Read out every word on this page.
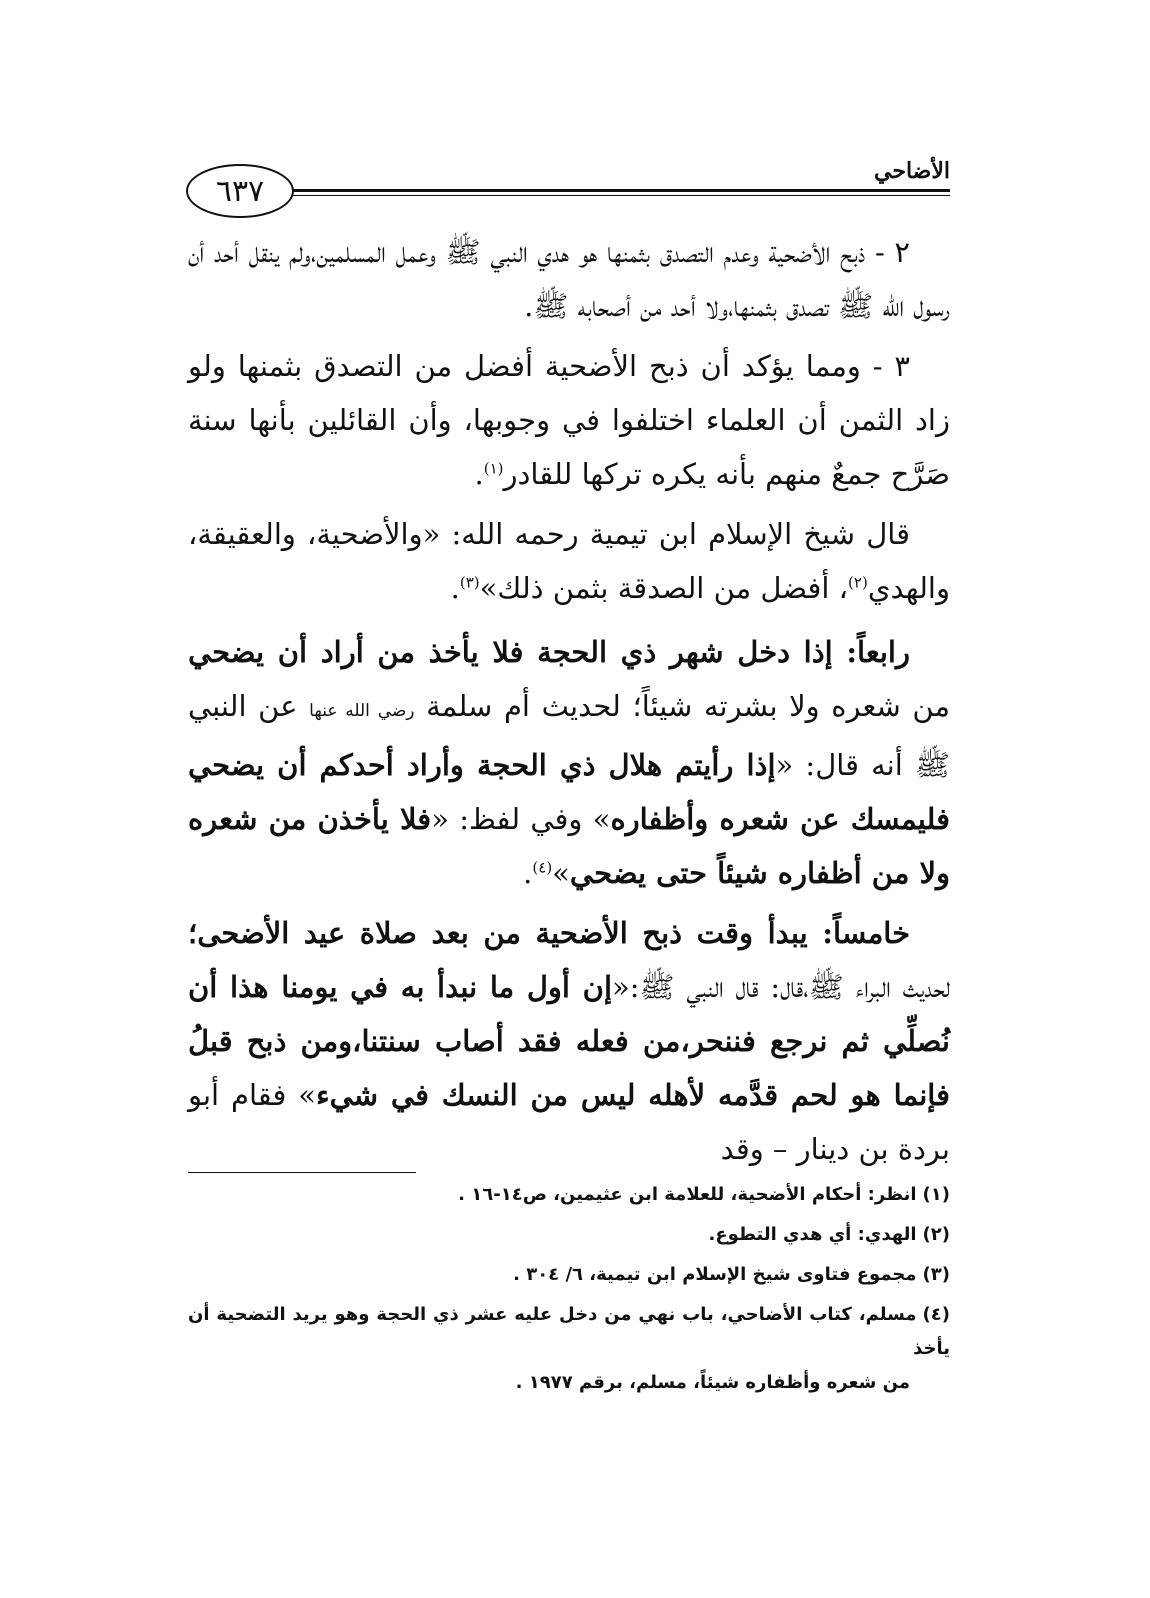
الأضاحي
٦٣٧

٢ - ذبح الأضحية وعدم التصدق بثمنها هو هدي النبي ﷺ وعمل المسلمين،ولم ينقل أحد أن رسول الله ﷺ تصدق بثمنها،ولا أحد من أصحابه ﷺ.

٣ - ومما يؤكد أن ذبح الأضحية أفضل من التصدق بثمنها ولو زاد الثمن أن العلماء اختلفوا في وجوبها، وأن القائلين بأنها سنة صَرَّح جمعٌ منهم بأنه يكره تركها للقادر$^{(١)}$.

قال شيخ الإسلام ابن تيمية رحمه الله: «والأضحية، والعقيقة، والهدي$^{(٢)}$، أفضل من الصدقة بثمن ذلك»$^{(٣)}$.

رابعاً: إذا دخل شهر ذي الحجة فلا يأخذ من أراد أن يضحي من شعره ولا بشرته شيئاً؛ لحديث أم سلمة رضي الله عنها عن النبي ﷺ أنه قال: «إذا رأيتم هلال ذي الحجة وأراد أحدكم أن يضحي فليمسك عن شعره وأظفاره» وفي لفظ: «فلا يأخذن من شعره ولا من أظفاره شيئاً حتى يضحي»$^{(٤)}$.

خامساً: يبدأ وقت ذبح الأضحية من بعد صلاة عيد الأضحى؛ لحديث البراء ﷺ،قال: قال النبي ﷺ:«إن أول ما نبدأ به في يومنا هذا أن نُصلِّي ثم نرجع فننحر،من فعله فقد أصاب سنتنا،ومن ذبح قبلُ فإنما هو لحم قدَّمه لأهله ليس من النسك في شيء» فقام أبو بردة بن دينار – وقد

(١)انظر: أحكام الأضحية، للعلامة ابن عثيمين، ص١٤-١٦ .

(٢)الهدي: أي هدي التطوع.

(٣)مجموع فتاوى شيخ الإسلام ابن تيمية، ٦/ ٣٠٤ .

(٤)مسلم، كتاب الأضاحي، باب نهي من دخل عليه عشر ذي الحجة وهو يريد التضحية أن يأخذ
من شعره وأظفاره شيئاً، مسلم، برقم ١٩٧٧ .
